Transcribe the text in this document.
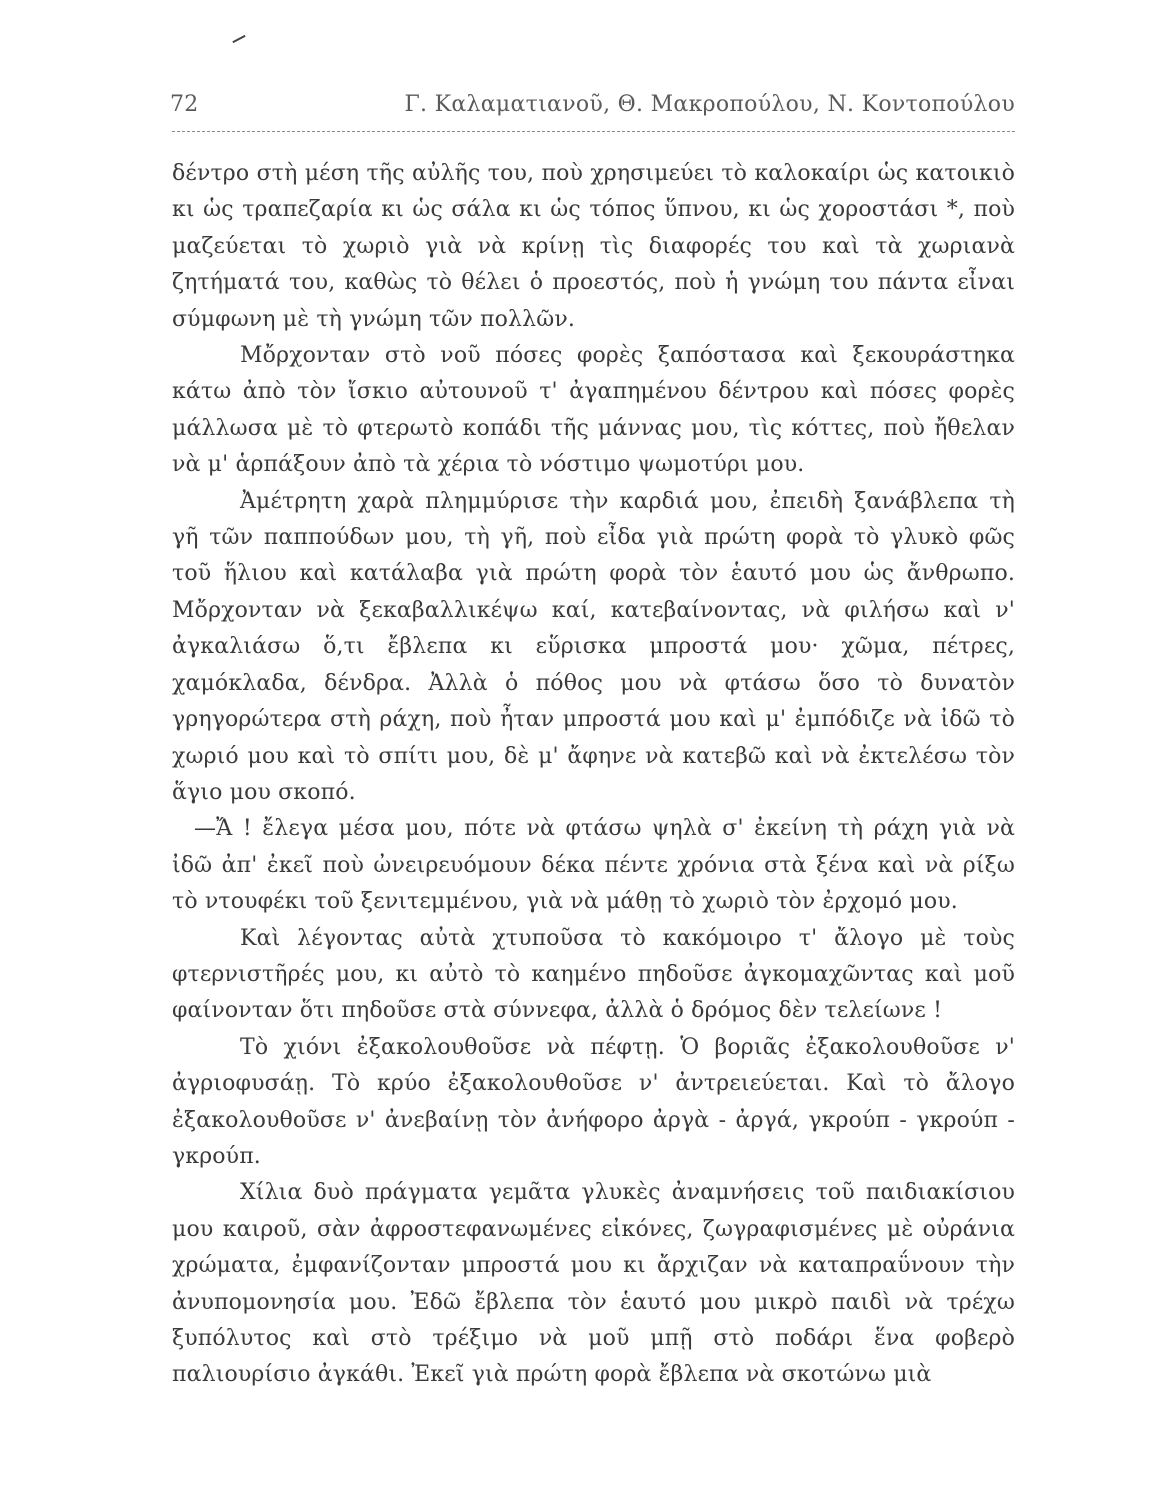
72	Γ. Καλαματιανοῦ, Θ. Μακροπούλου, Ν. Κοντοπούλου

δέντρο στὴ μέση τῆς αὐλῆς του, ποὺ χρησιμεύει τὸ καλοκαίρι ὡς κατοικιὸ κι ὡς τραπεζαρία κι ὡς σάλα κι ὡς τόπος ὕπνου, κι ὡς χοροστάσι *, ποὺ μαζεύεται τὸ χωριὸ γιὰ νὰ κρίνῃ τὶς διαφορές του καὶ τὰ χωριανὰ ζητήματά του, καθὼς τὸ θέλει ὁ προεστός, ποὺ ἡ γνώμη του πάντα εἶναι σύμφωνη μὲ τὴ γνώμη τῶν πολλῶν.

Μὄρχονταν στὸ νοῦ πόσες φορὲς ξαπόστασα καὶ ξεκουράστηκα κάτω ἀπὸ τὸν ἴσκιο αὐτουνοῦ τ' ἀγαπημένου δέντρου καὶ πόσες φορὲς μάλλωσα μὲ τὸ φτερωτὸ κοπάδι τῆς μάννας μου, τὶς κόττες, ποὺ ἤθελαν νὰ μ' ἁρπάξουν ἀπὸ τὰ χέρια τὸ νόστιμο ψωμοτύρι μου.

Ἀμέτρητη χαρὰ πλημμύρισε τὴν καρδιά μου, ἐπειδὴ ξανάβλεπα τὴ γῆ τῶν παππούδων μου, τὴ γῆ, ποὺ εἶδα γιὰ πρώτη φορὰ τὸ γλυκὸ φῶς τοῦ ἥλιου καὶ κατάλαβα γιὰ πρώτη φορὰ τὸν ἑαυτό μου ὡς ἄνθρωπο. Μὄρχονταν νὰ ξεκαβαλλικέψω καί, κατεβαίνοντας, νὰ φιλήσω καὶ ν' ἀγκαλιάσω ὅ,τι ἔβλεπα κι εὕρισκα μπροστά μου· χῶμα, πέτρες, χαμόκλαδα, δένδρα. Ἀλλὰ ὁ πόθος μου νὰ φτάσω ὅσο τὸ δυνατὸν γρηγορώτερα στὴ ράχη, ποὺ ἦταν μπροστά μου καὶ μ' ἐμπόδιζε νὰ ἰδῶ τὸ χωριό μου καὶ τὸ σπίτι μου, δὲ μ' ἄφηνε νὰ κατεβῶ καὶ νὰ ἐκτελέσω τὸν ἅγιο μου σκοπό.

—Ἄ ! ἔλεγα μέσα μου, πότε νὰ φτάσω ψηλὰ σ' ἐκείνη τὴ ράχη γιὰ νὰ ἰδῶ ἀπ' ἐκεῖ ποὺ ὠνειρευόμουν δέκα πέντε χρόνια στὰ ξένα καὶ νὰ ρίξω τὸ ντουφέκι τοῦ ξενιτεμμένου, γιὰ νὰ μάθῃ τὸ χωριὸ τὸν ἐρχομό μου.

Καὶ λέγοντας αὐτὰ χτυποῦσα τὸ κακόμοιρο τ' ἄλογο μὲ τοὺς φτερνιστῆρές μου, κι αὐτὸ τὸ καημένο πηδοῦσε ἀγκομαχῶντας καὶ μοῦ φαίνονταν ὅτι πηδοῦσε στὰ σύννεφα, ἀλλὰ ὁ δρόμος δὲν τελείωνε !

Τὸ χιόνι ἐξακολουθοῦσε νὰ πέφτῃ. Ὁ βοριᾶς ἐξακολουθοῦσε ν' ἀγριοφυσάῃ. Τὸ κρύο ἐξακολουθοῦσε ν' ἀντρειεύεται. Καὶ τὸ ἄλογο ἐξακολουθοῦσε ν' ἀνεβαίνῃ τὸν ἀνήφορο ἀργὰ - ἀργά, γκρούπ - γκρούπ - γκρούπ.

Χίλια δυὸ πράγματα γεμᾶτα γλυκὲς ἀναμνήσεις τοῦ παιδιακίσιου μου καιροῦ, σὰν ἀφροστεφανωμένες εἰκόνες, ζωγραφισμένες μὲ οὐράνια χρώματα, ἐμφανίζονταν μπροστά μου κι ἄρχιζαν νὰ καταπραΰνουν τὴν ἀνυπομονησία μου. Ἐδῶ ἔβλεπα τὸν ἑαυτό μου μικρὸ παιδὶ νὰ τρέχω ξυπόλυτος καὶ στὸ τρέξιμο νὰ μοῦ μπῇ στὸ ποδάρι ἕνα φοβερὸ παλιουρίσιο ἀγκάθι. Ἐκεῖ γιὰ πρώτη φορὰ ἔβλεπα νὰ σκοτώνω μιὰ
